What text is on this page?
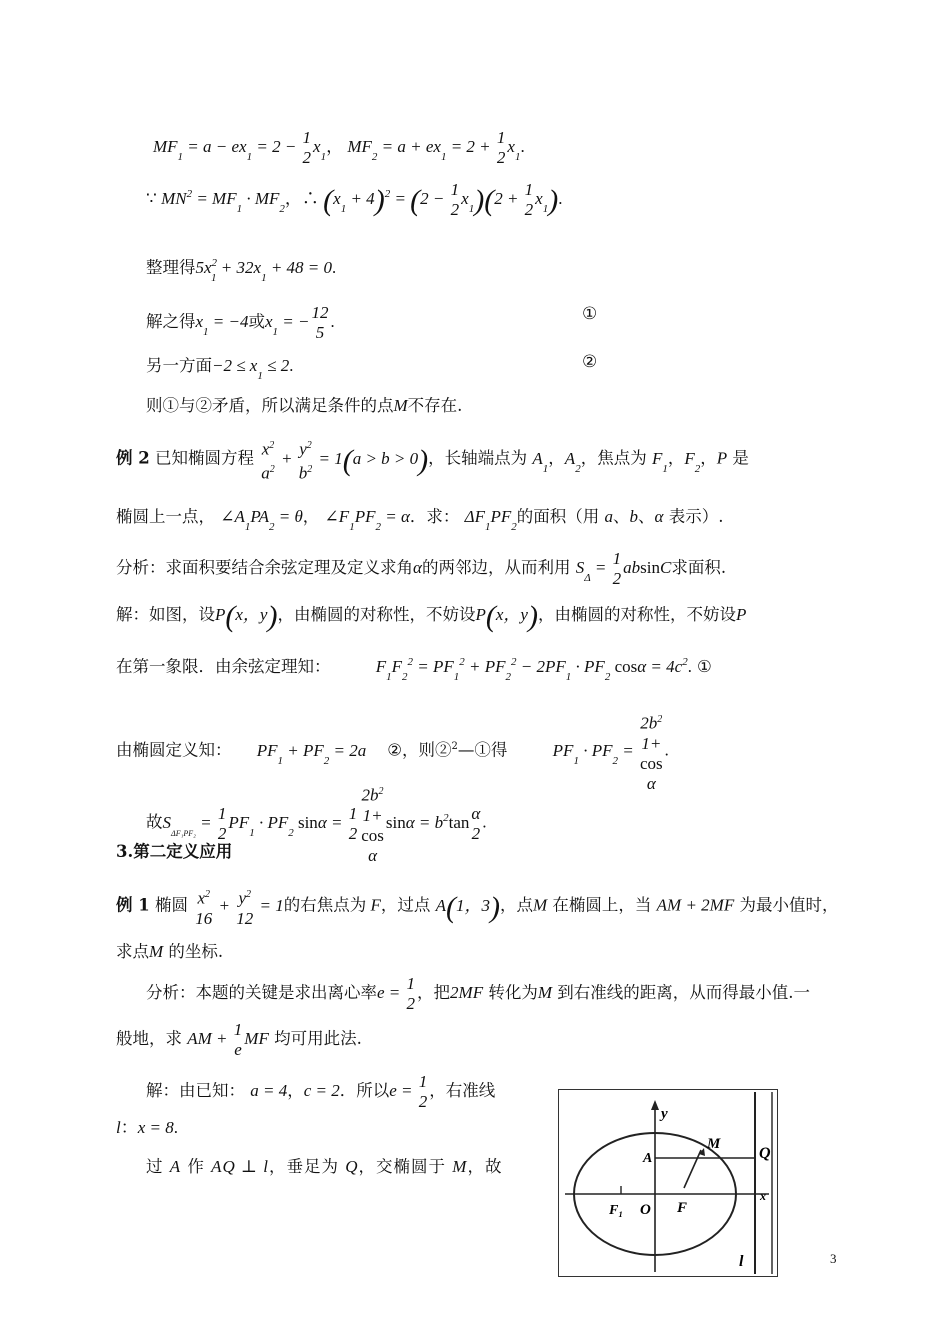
$MF_1 = a - ex_1 = 2 - 1$
2
$x_1$， $MF_2 = a + ex_1 = 2 + 1$
2
$x_1$.
∵ $MN^2 = MF_1 \cdot MF_2$，∴ $(x_1 + 4)^2 = (2 - 1$
2
$x_1)(2 + 1$
2
$x_1$).
整理得$5x^2_1 + 32x_1 + 48 = 0$.
解之得$x_1 = -4$或$x_1$ = − 12
5
.	①
另一方面$-2 \le x_1 \le 2$.	②
则①与②矛盾，所以满足条件的点M不存在.
例 2 已知椭圆方程 $x^2$
$a^2$
+ $y^2$
$b^2$
= 1(a > b > 0)，长轴端点为 $A_1$，$A_2$，焦点为 $F_1$，$F_2$，P 是
椭圆上一点， $\angle A_1PA_2 = \theta$， $\angle F_1PF_2 = \alpha$．求： $\Delta F_1PF_2$的面积（用 a、b、α 表示）.
分析：求面积要结合余弦定理及定义求角α的两邻边，从而利用 $S_\Delta = 1$
2
absinC求面积.
解：如图，设P(x，y)，由椭圆的对称性，不妨设P(x，y)，由椭圆的对称性，不妨设P
在第一象限．由余弦定理知：	$F_1F_2^2 = PF_1^2 + PF_2^2 - 2PF_1 \cdot PF_2$ $\cos\alpha = 4c^2$. ①
由椭圆定义知： $PF_1 + PF_2 = 2a$    ②，则②$^2$—①得	$PF_1 \cdot PF_2$ =
$2b^2$
1+
cos
α
.
故$S_{\Delta F_1PF_2} = 1$
2
$PF_1 \cdot PF_2$ sinα = 1
2
$2b^2$
1+
cos
α
$\sin\alpha = b^2\tan$ α
2
.
3.第二定义应用
例 1 椭圆 $x^2$
16
+ $y^2$
12
= 1的右焦点为 F，过点 A(1，3)，点M 在椭圆上，当 AM + 2MF 为最小值时，
求点M 的坐标.
分析：本题的关键是求出离心率e = 1
2
，把2MF 转化为M 到右准线的距离，从而得最小值.一
般地，求 AM + 1
e
MF 均可用此法.
解：由已知： a = 4，c = 2．所以e = 1
2
，右准线
l：x = 8.
过 A 作 AQ ⊥ l，垂足为 Q，交椭圆于 M，故
y
M
A	Q
F₁ O F
x
l	3
